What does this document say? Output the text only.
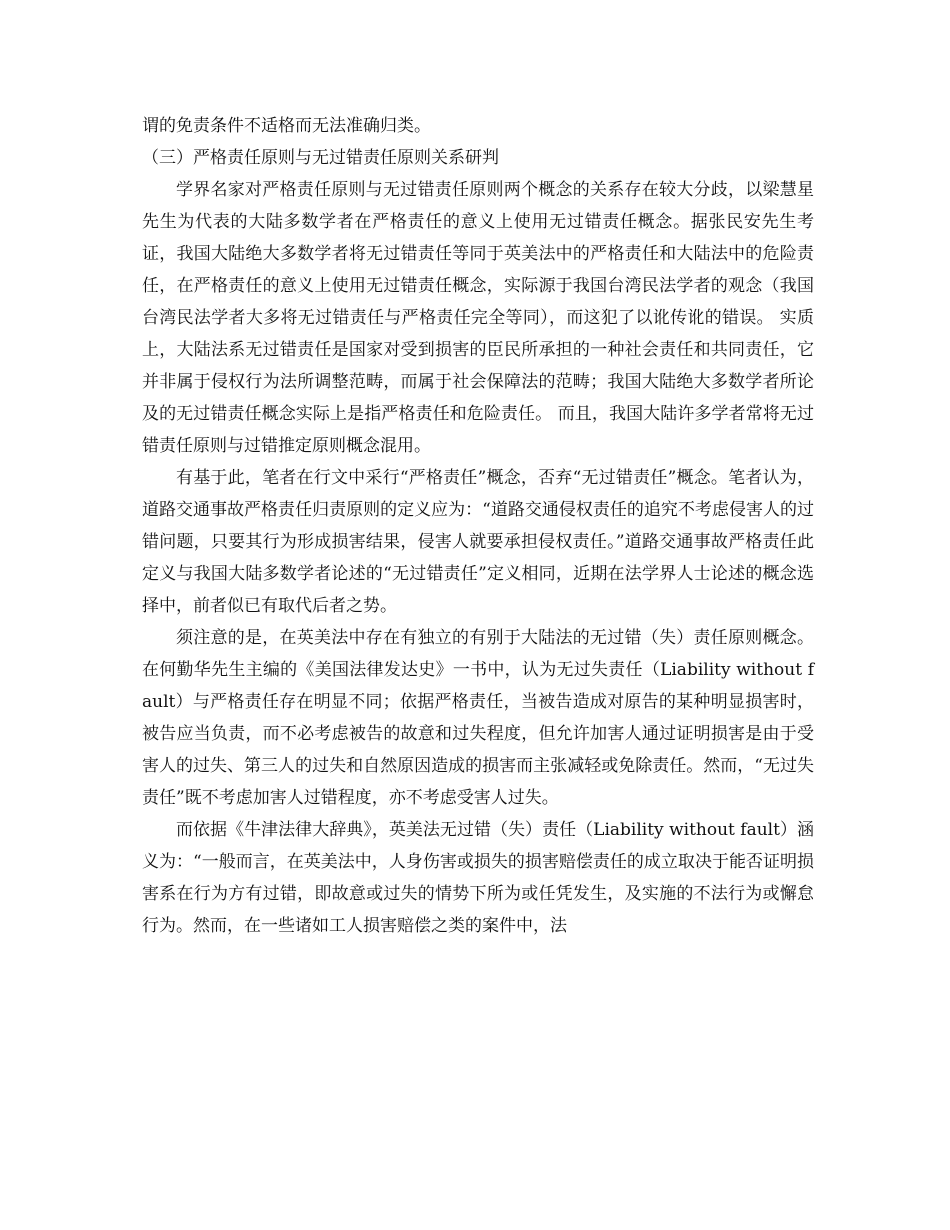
谓的免责条件不适格而无法准确归类。

（三）严格责任原则与无过错责任原则关系研判

学界名家对严格责任原则与无过错责任原则两个概念的关系存在较大分歧，以梁慧星先生为代表的大陆多数学者在严格责任的意义上使用无过错责任概念。据张民安先生考证，我国大陆绝大多数学者将无过错责任等同于英美法中的严格责任和大陆法中的危险责任，在严格责任的意义上使用无过错责任概念，实际源于我国台湾民法学者的观念（我国台湾民法学者大多将无过错责任与严格责任完全等同），而这犯了以讹传讹的错误。 实质上，大陆法系无过错责任是国家对受到损害的臣民所承担的一种社会责任和共同责任，它并非属于侵权行为法所调整范畴，而属于社会保障法的范畴；我国大陆绝大多数学者所论及的无过错责任概念实际上是指严格责任和危险责任。 而且，我国大陆许多学者常将无过错责任原则与过错推定原则概念混用。

有基于此，笔者在行文中采行“严格责任”概念，否弃“无过错责任”概念。笔者认为，道路交通事故严格责任归责原则的定义应为：“道路交通侵权责任的追究不考虑侵害人的过错问题，只要其行为形成损害结果，侵害人就要承担侵权责任。”道路交通事故严格责任此定义与我国大陆多数学者论述的“无过错责任”定义相同，近期在法学界人士论述的概念选择中，前者似已有取代后者之势。

须注意的是，在英美法中存在有独立的有别于大陆法的无过错（失）责任原则概念。在何勤华先生主编的《美国法律发达史》一书中，认为无过失责任（Liability without fault）与严格责任存在明显不同；依据严格责任，当被告造成对原告的某种明显损害时，被告应当负责，而不必考虑被告的故意和过失程度，但允许加害人通过证明损害是由于受害人的过失、第三人的过失和自然原因造成的损害而主张减轻或免除责任。然而，“无过失责任”既不考虑加害人过错程度，亦不考虑受害人过失。

而依据《牛津法律大辞典》，英美法无过错（失）责任（Liability without fault）涵义为：“一般而言，在英美法中，人身伤害或损失的损害赔偿责任的成立取决于能否证明损害系在行为方有过错，即故意或过失的情势下所为或任凭发生，及实施的不法行为或懈怠行为。然而，在一些诸如工人损害赔偿之类的案件中，法
